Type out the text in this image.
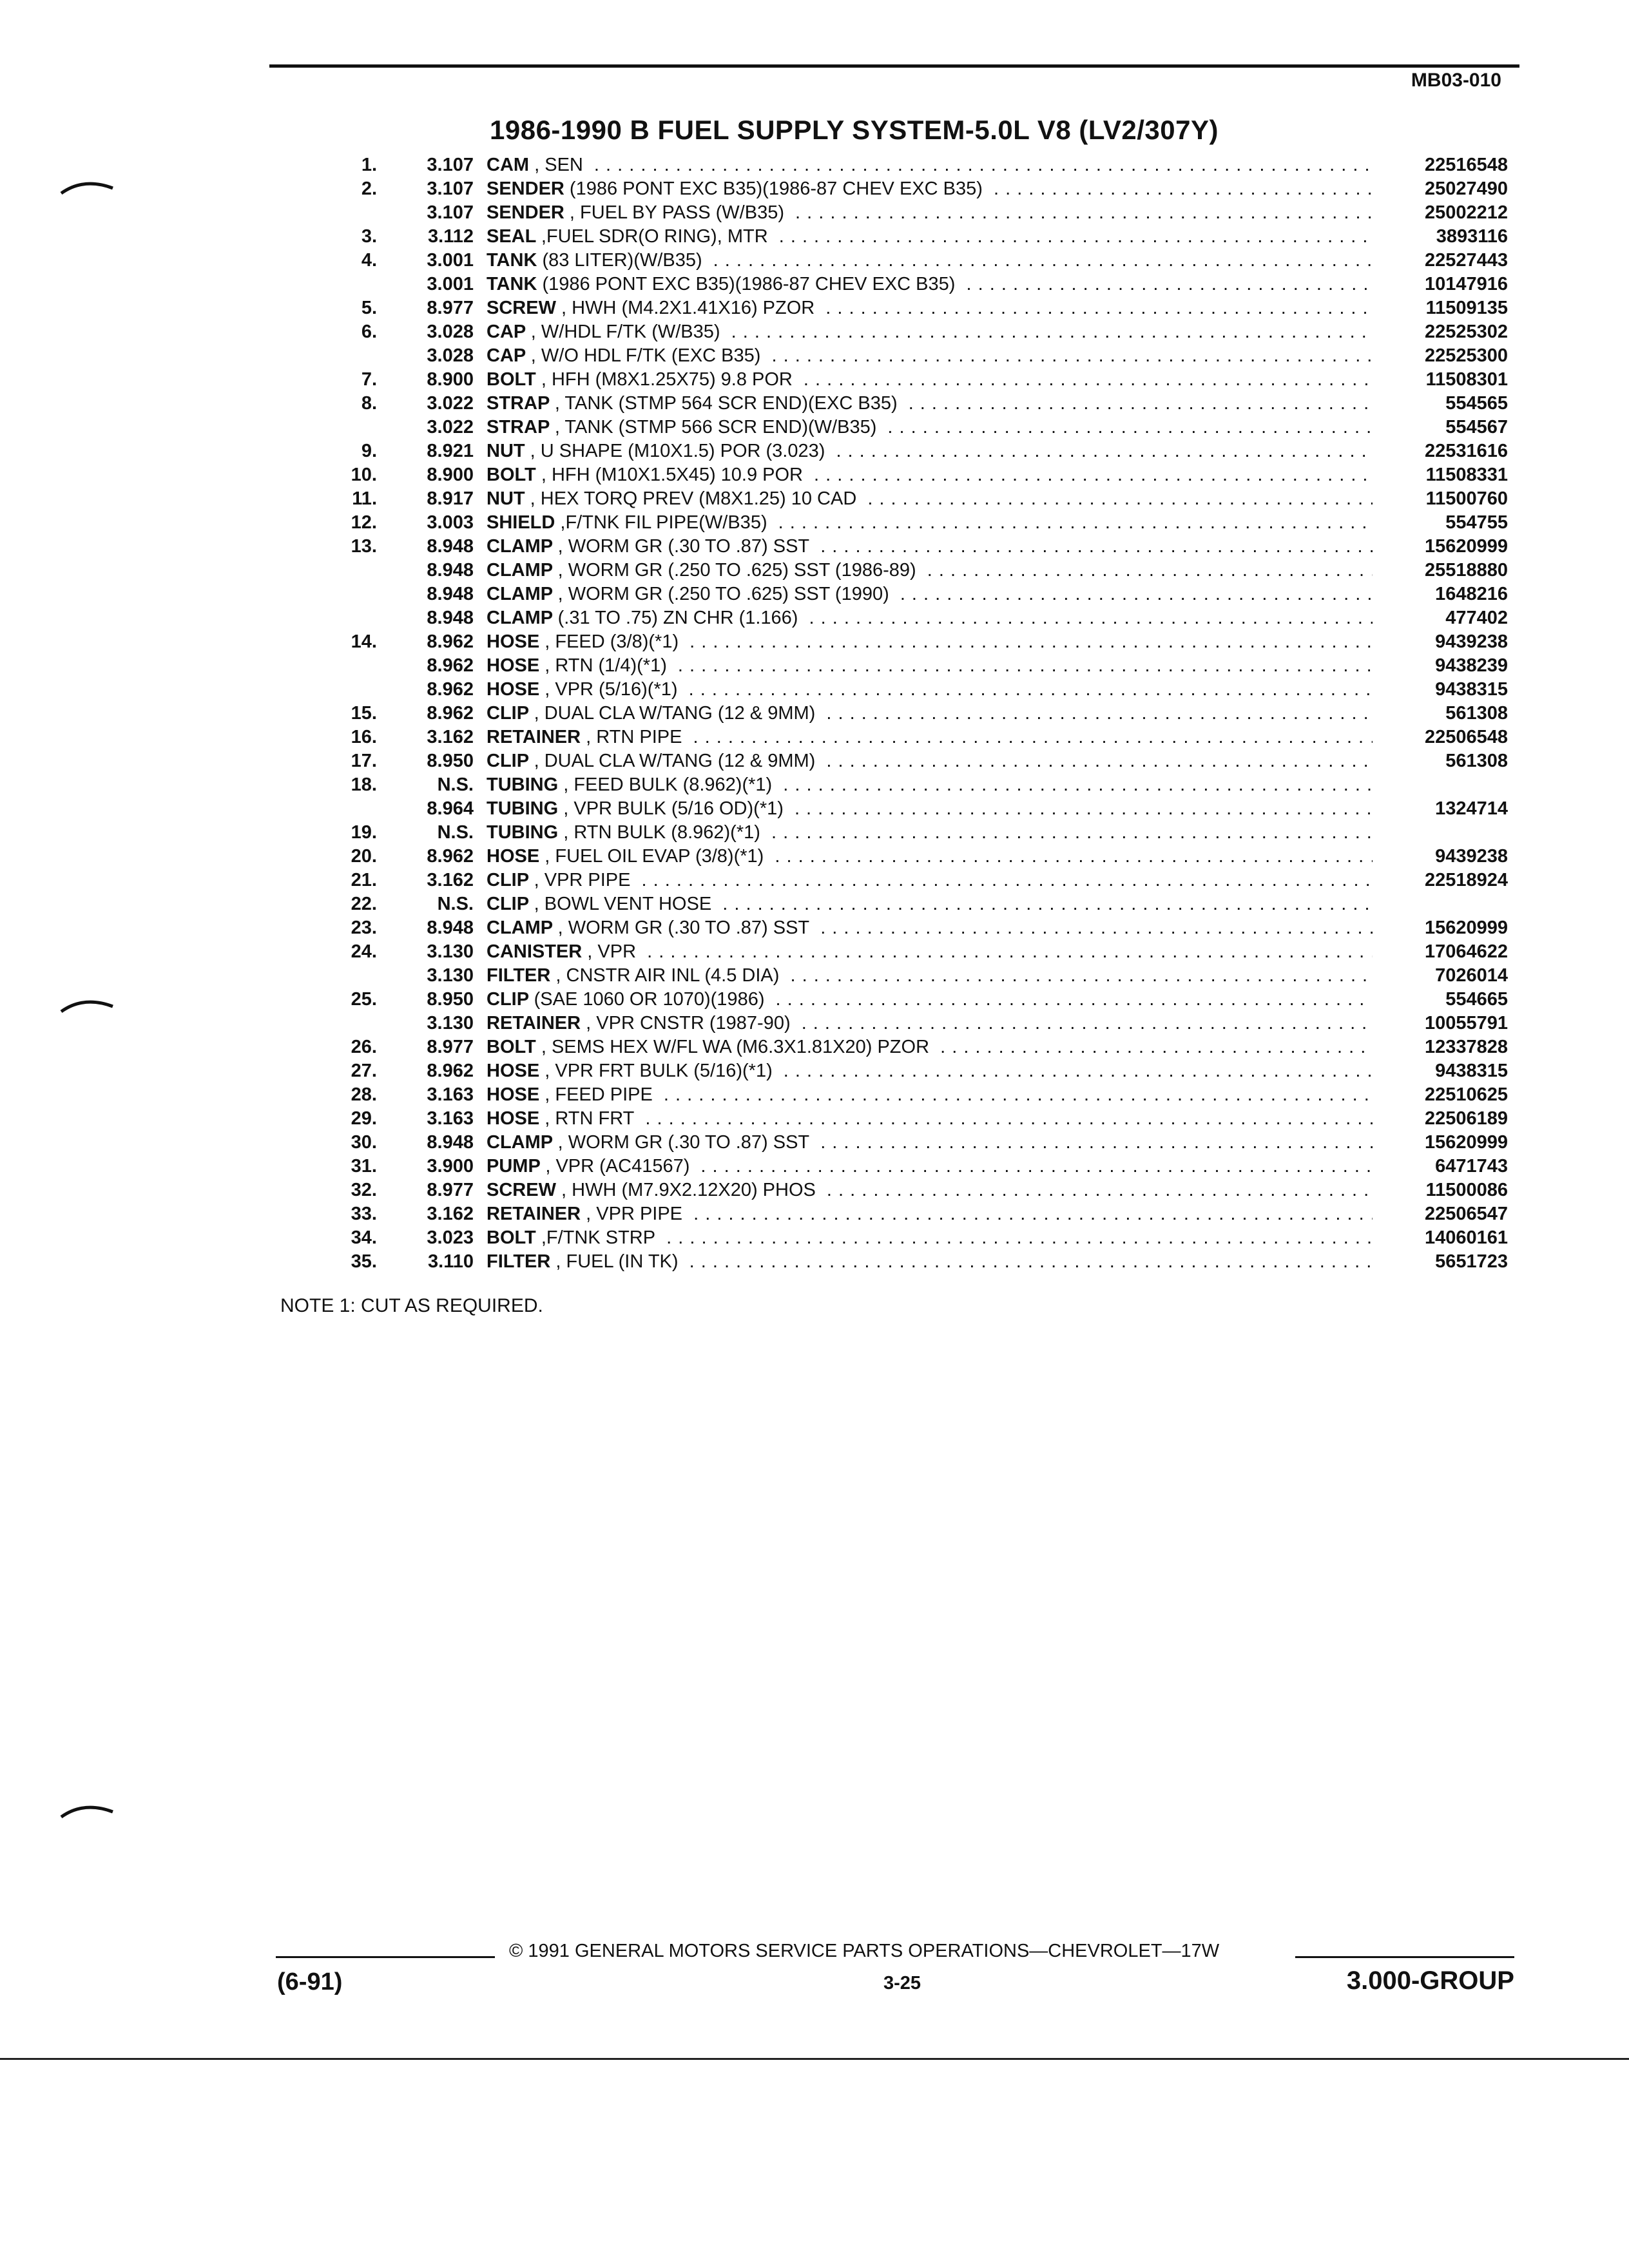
MB03-010
1986-1990 B FUEL SUPPLY SYSTEM-5.0L V8 (LV2/307Y)
1.	3.107 CAM , SEN . . .	22516548
2.	3.107 SENDER (1986 PONT EXC B35)(1986-87 CHEV EXC B35) . . .	25027490
3.107 SENDER , FUEL BY PASS (W/B35) . . .	25002212
3.	3.112 SEAL ,FUEL SDR(O RING), MTR . . .	3893116
4.	3.001 TANK (83 LITER)(W/B35) . . .	22527443
3.001 TANK (1986 PONT EXC B35)(1986-87 CHEV EXC B35) . . .	10147916
5.	8.977 SCREW , HWH (M4.2X1.41X16) PZOR . . .	11509135
6.	3.028 CAP , W/HDL F/TK (W/B35) . . .	22525302
3.028 CAP , W/O HDL F/TK (EXC B35) . . .	22525300
7.	8.900 BOLT , HFH (M8X1.25X75) 9.8 POR . . .	11508301
8.	3.022 STRAP , TANK (STMP 564 SCR END)(EXC B35) . . .	554565
3.022 STRAP , TANK (STMP 566 SCR END)(W/B35) . . .	554567
9.	8.921 NUT , U SHAPE (M10X1.5) POR (3.023) . . .	22531616
10.	8.900 BOLT , HFH (M10X1.5X45) 10.9 POR . . .	11508331
11.	8.917 NUT , HEX TORQ PREV (M8X1.25) 10 CAD . . .	11500760
12.	3.003 SHIELD ,F/TNK FIL PIPE(W/B35) . . .	554755
13.	8.948 CLAMP , WORM GR (.30 TO .87) SST . . .	15620999
8.948 CLAMP , WORM GR (.250 TO .625) SST (1986-89) . . .	25518880
8.948 CLAMP , WORM GR (.250 TO .625) SST (1990) . . .	1648216
8.948 CLAMP (.31 TO .75) ZN CHR (1.166) . . .	477402
14.	8.962 HOSE , FEED (3/8)(*1) . . .	9439238
8.962 HOSE , RTN (1/4)(*1) . . .	9438239
8.962 HOSE , VPR (5/16)(*1) . . .	9438315
15.	8.962 CLIP , DUAL CLA W/TANG (12 & 9MM) . . .	561308
16.	3.162 RETAINER , RTN PIPE . . .	22506548
17.	8.950 CLIP , DUAL CLA W/TANG (12 & 9MM) . . .	561308
18.	N.S. TUBING , FEED BULK (8.962)(*1) . . .
8.964 TUBING , VPR BULK (5/16 OD)(*1) . . .	1324714
19.	N.S. TUBING , RTN BULK (8.962)(*1) . . .
20.	8.962 HOSE , FUEL OIL EVAP (3/8)(*1) . . .	9439238
21.	3.162 CLIP , VPR PIPE . . .	22518924
22.	N.S. CLIP , BOWL VENT HOSE . . .
23.	8.948 CLAMP , WORM GR (.30 TO .87) SST . . .	15620999
24.	3.130 CANISTER , VPR . . .	17064622
3.130 FILTER , CNSTR AIR INL (4.5 DIA) . . .	7026014
25.	8.950 CLIP (SAE 1060 OR 1070)(1986) . . .	554665
3.130 RETAINER , VPR CNSTR (1987-90) . . .	10055791
26.	8.977 BOLT , SEMS HEX W/FL WA (M6.3X1.81X20) PZOR . . .	12337828
27.	8.962 HOSE , VPR FRT BULK (5/16)(*1) . . .	9438315
28.	3.163 HOSE , FEED PIPE . . .	22510625
29.	3.163 HOSE , RTN FRT . . .	22506189
30.	8.948 CLAMP , WORM GR (.30 TO .87) SST . . .	15620999
31.	3.900 PUMP , VPR (AC41567) . . .	6471743
32.	8.977 SCREW , HWH (M7.9X2.12X20) PHOS . . .	11500086
33.	3.162 RETAINER , VPR PIPE . . .	22506547
34.	3.023 BOLT ,F/TNK STRP . . .	14060161
35.	3.110 FILTER , FUEL (IN TK) . . .	5651723
NOTE 1: CUT AS REQUIRED.
© 1991 GENERAL MOTORS SERVICE PARTS OPERATIONS—CHEVROLET—17W
(6-91)	3-25	3.000-GROUP
